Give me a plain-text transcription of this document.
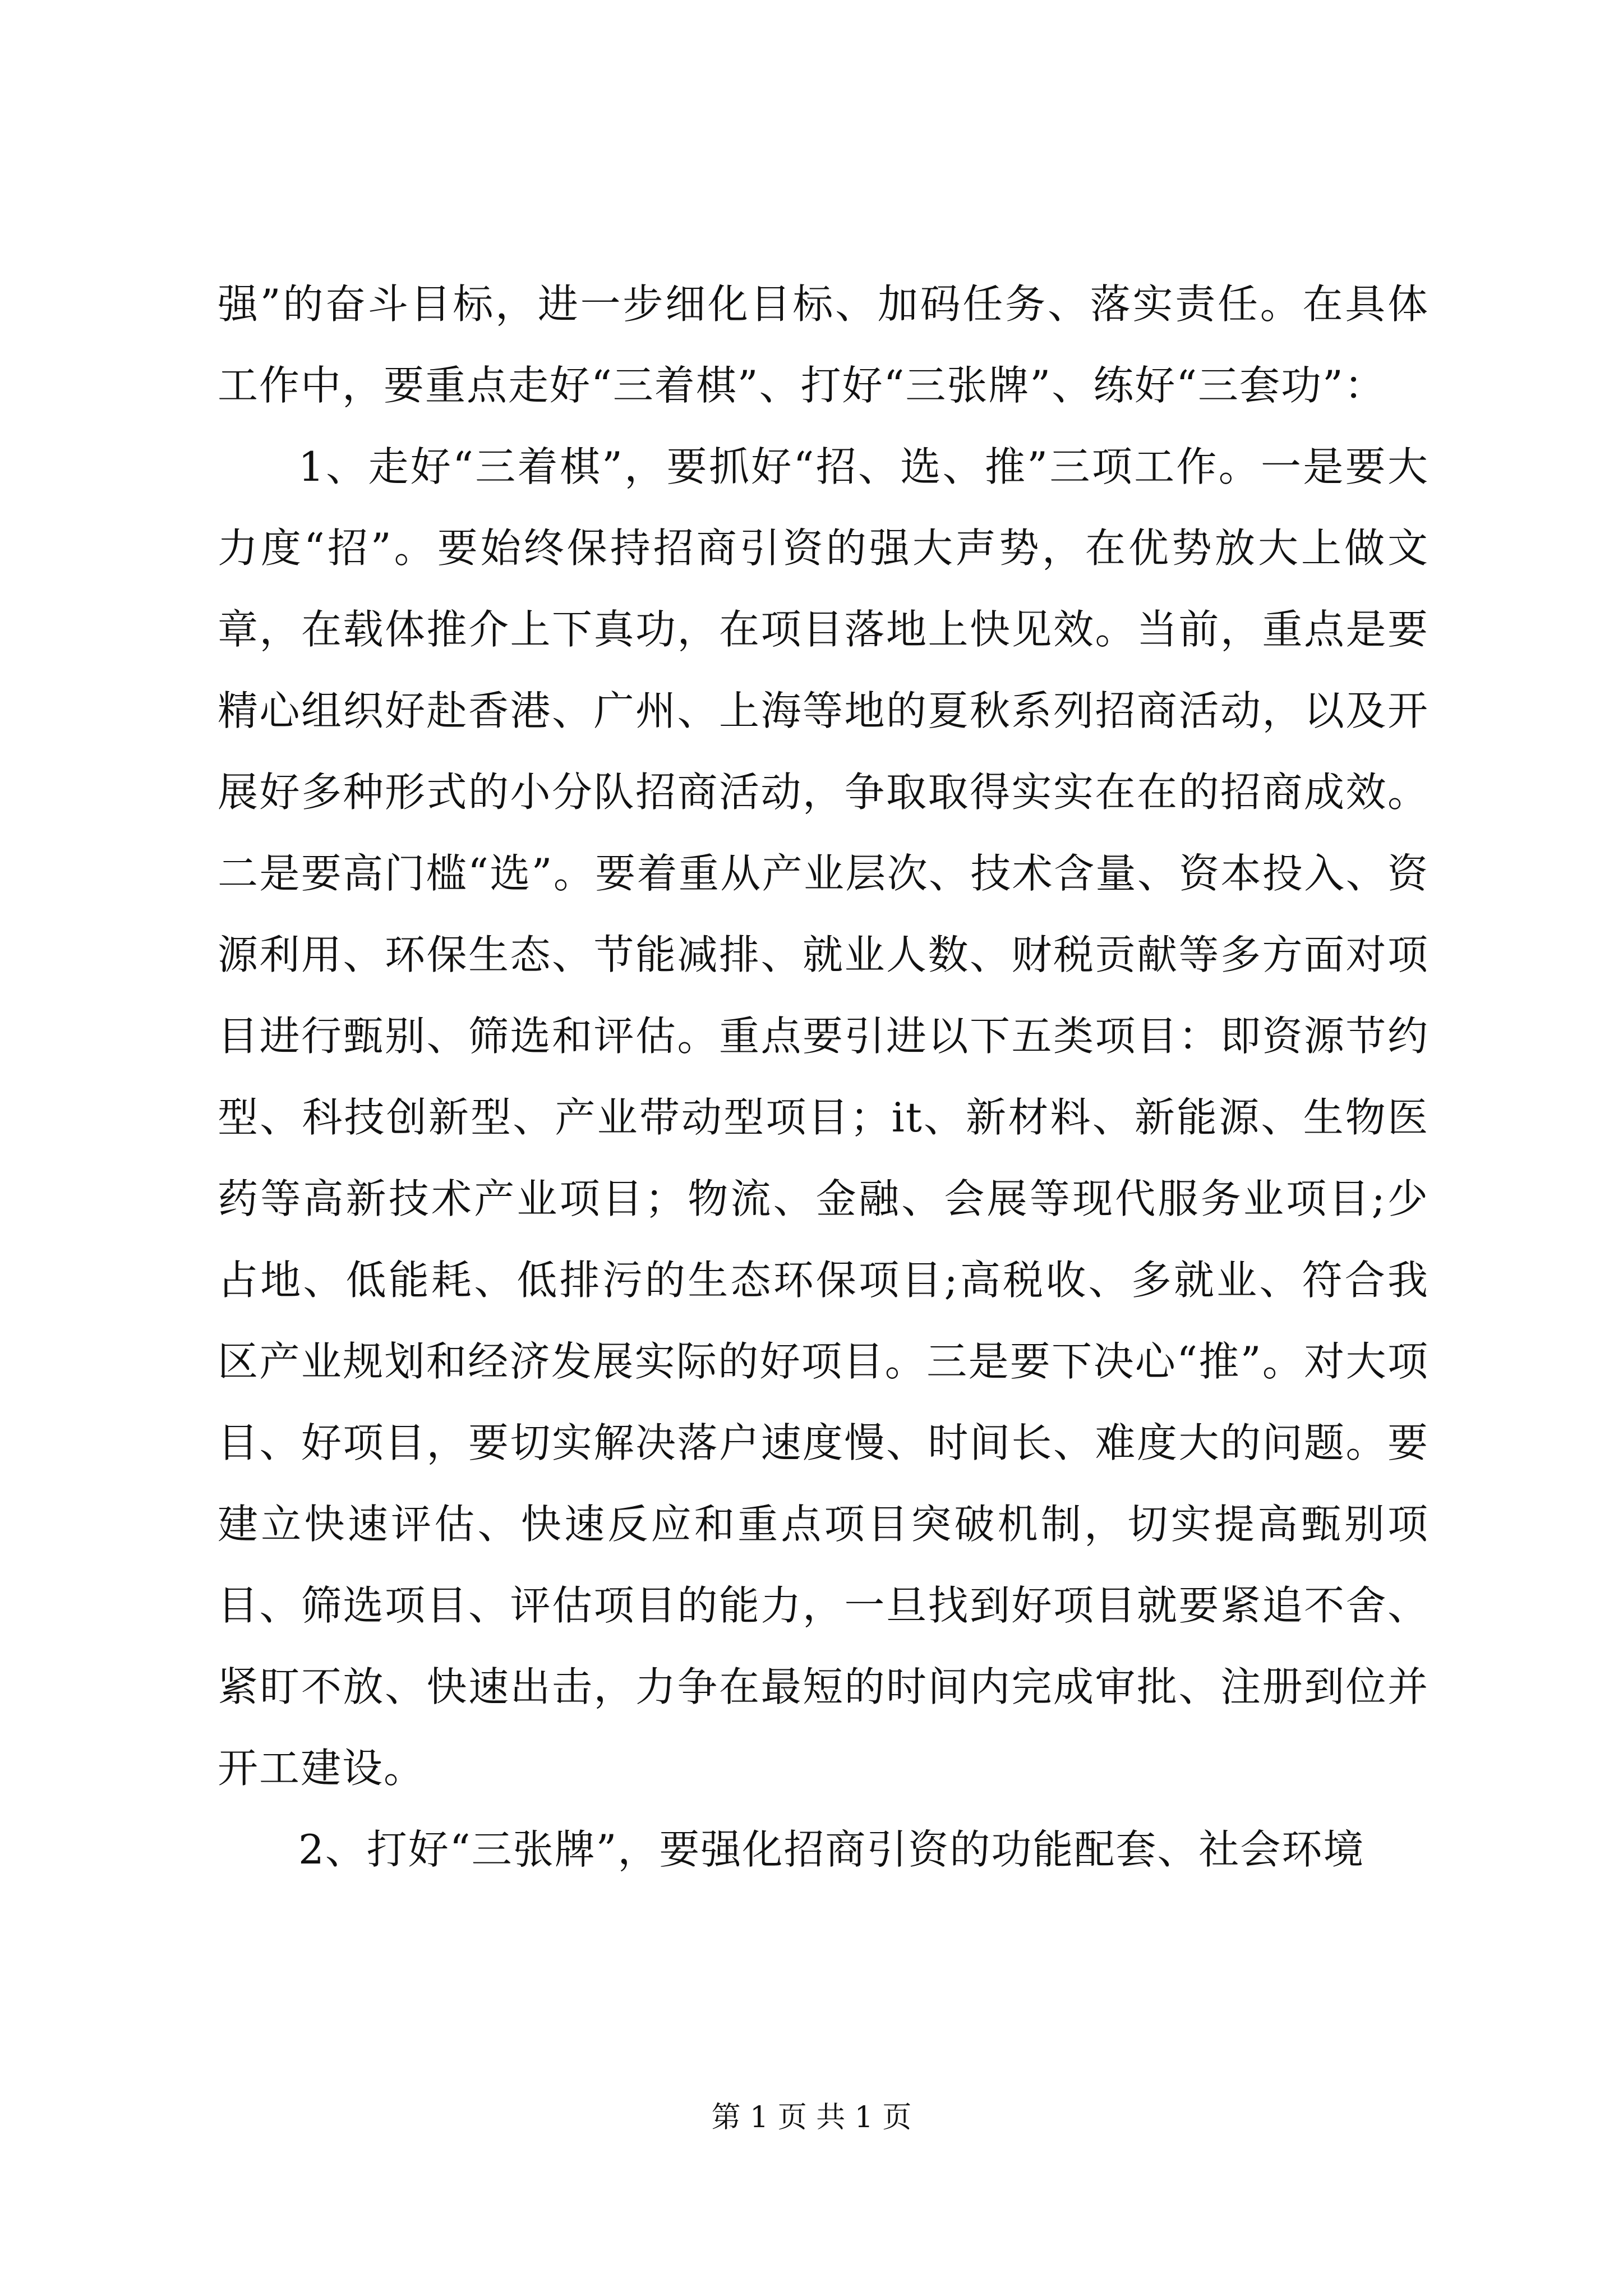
强”的奋斗目标，进一步细化目标、加码任务、落实责任。在具体工作中，要重点走好“三着棋”、打好“三张牌”、练好“三套功”：

1、走好“三着棋”，要抓好“招、选、推”三项工作。一是要大力度“招”。要始终保持招商引资的强大声势，在优势放大上做文章，在载体推介上下真功，在项目落地上快见效。当前，重点是要精心组织好赴香港、广州、上海等地的夏秋系列招商活动，以及开展好多种形式的小分队招商活动，争取取得实实在在的招商成效。二是要高门槛“选”。要着重从产业层次、技术含量、资本投入、资源利用、环保生态、节能减排、就业人数、财税贡献等多方面对项目进行甄别、筛选和评估。重点要引进以下五类项目：即资源节约型、科技创新型、产业带动型项目；it、新材料、新能源、生物医药等高新技术产业项目；物流、金融、会展等现代服务业项目;少占地、低能耗、低排污的生态环保项目;高税收、多就业、符合我区产业规划和经济发展实际的好项目。三是要下决心“推”。对大项目、好项目，要切实解决落户速度慢、时间长、难度大的问题。要建立快速评估、快速反应和重点项目突破机制，切实提高甄别项目、筛选项目、评估项目的能力，一旦找到好项目就要紧追不舍、紧盯不放、快速出击，力争在最短的时间内完成审批、注册到位并开工建设。

2、打好“三张牌”，要强化招商引资的功能配套、社会环境

第 1 页 共 1 页
